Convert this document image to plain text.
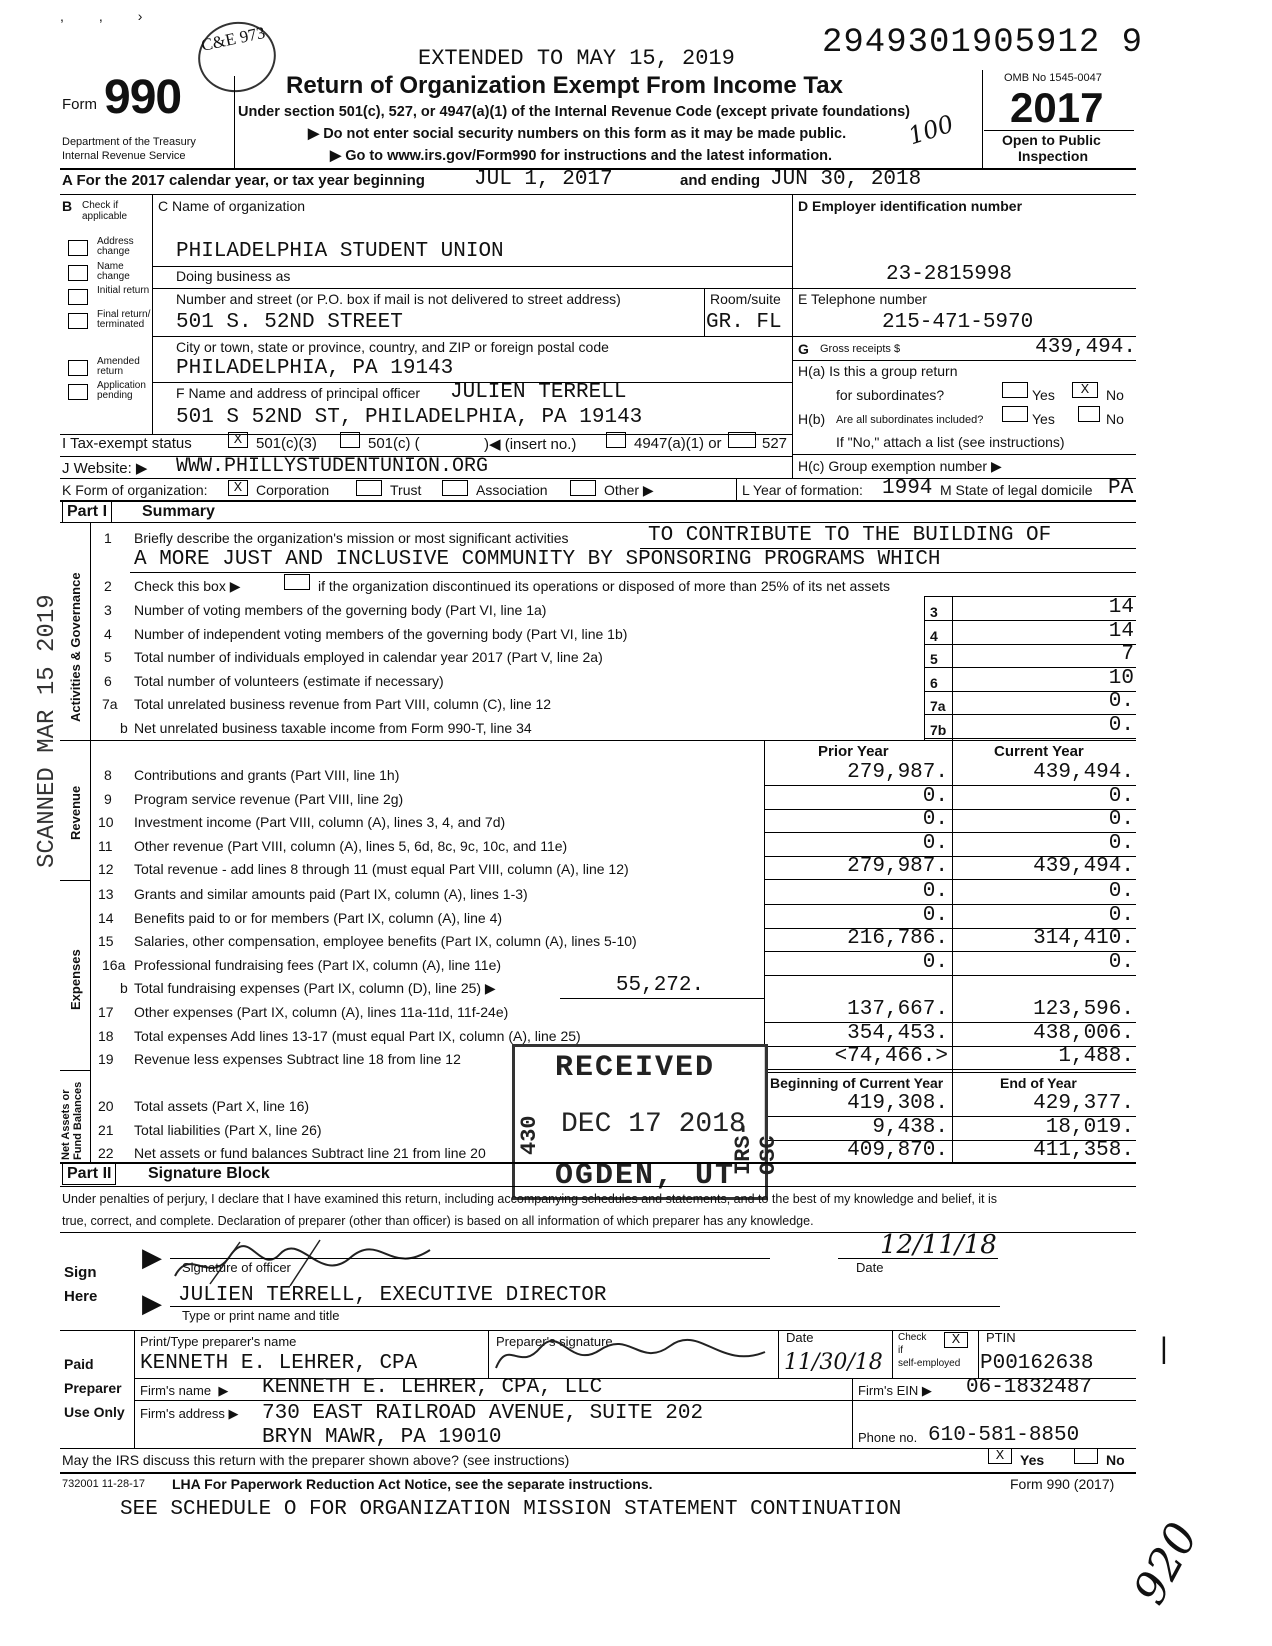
,         ,         ›
C&E 973
EXTENDED TO MAY 15, 2019	2949301905912 9
Form 990
Department of the Treasury
Internal Revenue Service
Return of Organization Exempt From Income Tax
Under section 501(c), 527, or 4947(a)(1) of the Internal Revenue Code (except private foundations)
▶ Do not enter social security numbers on this form as it may be made public.
▶ Go to www.irs.gov/Form990 for instructions and the latest information.
100
OMB No 1545-0047
2017
Open to Public
Inspection
A For the 2017 calendar year, or tax year beginning JUL 1, 2017	and ending JUN 30, 2018
B Check if applicable
Address change
Name change
Initial return
Final return/ terminated
Amended return
Application pending
C Name of organization
PHILADELPHIA STUDENT UNION
Doing business as
Number and street (or P.O. box if mail is not delivered to street address)	Room/suite
501 S. 52ND STREET	GR. FL
City or town, state or province, country, and ZIP or foreign postal code
PHILADELPHIA, PA 19143
F Name and address of principal officer JULIEN TERRELL
501 S 52ND ST, PHILADELPHIA, PA 19143
D Employer identification number
23-2815998
E Telephone number
215-471-5970
G Gross receipts $	439,494.
H(a) Is this a group return
for subordinates?	Yes	X	No
H(b) Are all subordinates included?	Yes	No
If "No," attach a list (see instructions)
H(c) Group exemption number ▶
I Tax-exempt status	X 501(c)(3)	501(c) (	)◀ (insert no.)	4947(a)(1) or	527
J Website: ▶ WWW.PHILLYSTUDENTUNION.ORG
K Form of organization:	X Corporation	Trust	Association	Other ▶	L Year of formation: 1994 M State of legal domicile PA
Part I	Summary
Activities & Governance
Revenue
Expenses
Net Assets or Fund Balances
SCANNED MAR 15 2019
1 Briefly describe the organization's mission or most significant activities	TO CONTRIBUTE TO THE BUILDING OF
A MORE JUST AND INCLUSIVE COMMUNITY BY SPONSORING PROGRAMS WHICH
2 Check this box ▶	if the organization discontinued its operations or disposed of more than 25% of its net assets
3 Number of voting members of the governing body (Part VI, line 1a)	3	14
4 Number of independent voting members of the governing body (Part VI, line 1b)	4	14
5 Total number of individuals employed in calendar year 2017 (Part V, line 2a)	5	7
6 Total number of volunteers (estimate if necessary)	6	10
7a Total unrelated business revenue from Part VIII, column (C), line 12	7a	0.
b Net unrelated business taxable income from Form 990-T, line 34	7b	0.
Prior Year	Current Year
8 Contributions and grants (Part VIII, line 1h)	279,987.	439,494.
9 Program service revenue (Part VIII, line 2g)	0.	0.
10 Investment income (Part VIII, column (A), lines 3, 4, and 7d)	0.	0.
11 Other revenue (Part VIII, column (A), lines 5, 6d, 8c, 9c, 10c, and 11e)	0.	0.
12 Total revenue - add lines 8 through 11 (must equal Part VIII, column (A), line 12)	279,987.	439,494.
13 Grants and similar amounts paid (Part IX, column (A), lines 1-3)	0.	0.
14 Benefits paid to or for members (Part IX, column (A), line 4)	0.	0.
15 Salaries, other compensation, employee benefits (Part IX, column (A), lines 5-10)	216,786.	314,410.
16a Professional fundraising fees (Part IX, column (A), line 11e)	0.	0.
b Total fundraising expenses (Part IX, column (D), line 25) ▶	55,272.
17 Other expenses (Part IX, column (A), lines 11a-11d, 11f-24e)	137,667.	123,596.
18 Total expenses Add lines 13-17 (must equal Part IX, column (A), line 25)	354,453.	438,006.
19 Revenue less expenses Subtract line 18 from line 12	<74,466.>	1,488.
Beginning of Current Year	End of Year
20 Total assets (Part X, line 16)	419,308.	429,377.
21 Total liabilities (Part X, line 26)	9,438.	18,019.
22 Net assets or fund balances Subtract line 21 from line 20	409,870.	411,358.
RECEIVED
DEC 17 2018
OGDEN, UT
430	IRS-OSC
Part II	Signature Block
Under penalties of perjury, I declare that I have examined this return, including accompanying schedules and statements, and to the best of my knowledge and belief, it is
true, correct, and complete. Declaration of preparer (other than officer) is based on all information of which preparer has any knowledge.
Sign
Here
▶
▶
Signature of officer	Date
12/11/18
JULIEN TERRELL, EXECUTIVE DIRECTOR
Type or print name and title
Paid
Preparer
Use Only
Print/Type preparer's name	Preparer's signature	Date	Check
if
self-employed
X	PTIN
KENNETH E. LEHRER, CPA	11/30/18	P00162638
Firm's name  ▶ KENNETH E. LEHRER, CPA, LLC	Firm's EIN ▶ 06-1832487
Firm's address ▶ 730 EAST RAILROAD AVENUE, SUITE 202
BRYN MAWR, PA 19010	Phone no. 610-581-8850
May the IRS discuss this return with the preparer shown above? (see instructions)	X	Yes	No
732001 11-28-17 LHA For Paperwork Reduction Act Notice, see the separate instructions.	Form 990 (2017)
SEE SCHEDULE O FOR ORGANIZATION MISSION STATEMENT CONTINUATION
920
|
